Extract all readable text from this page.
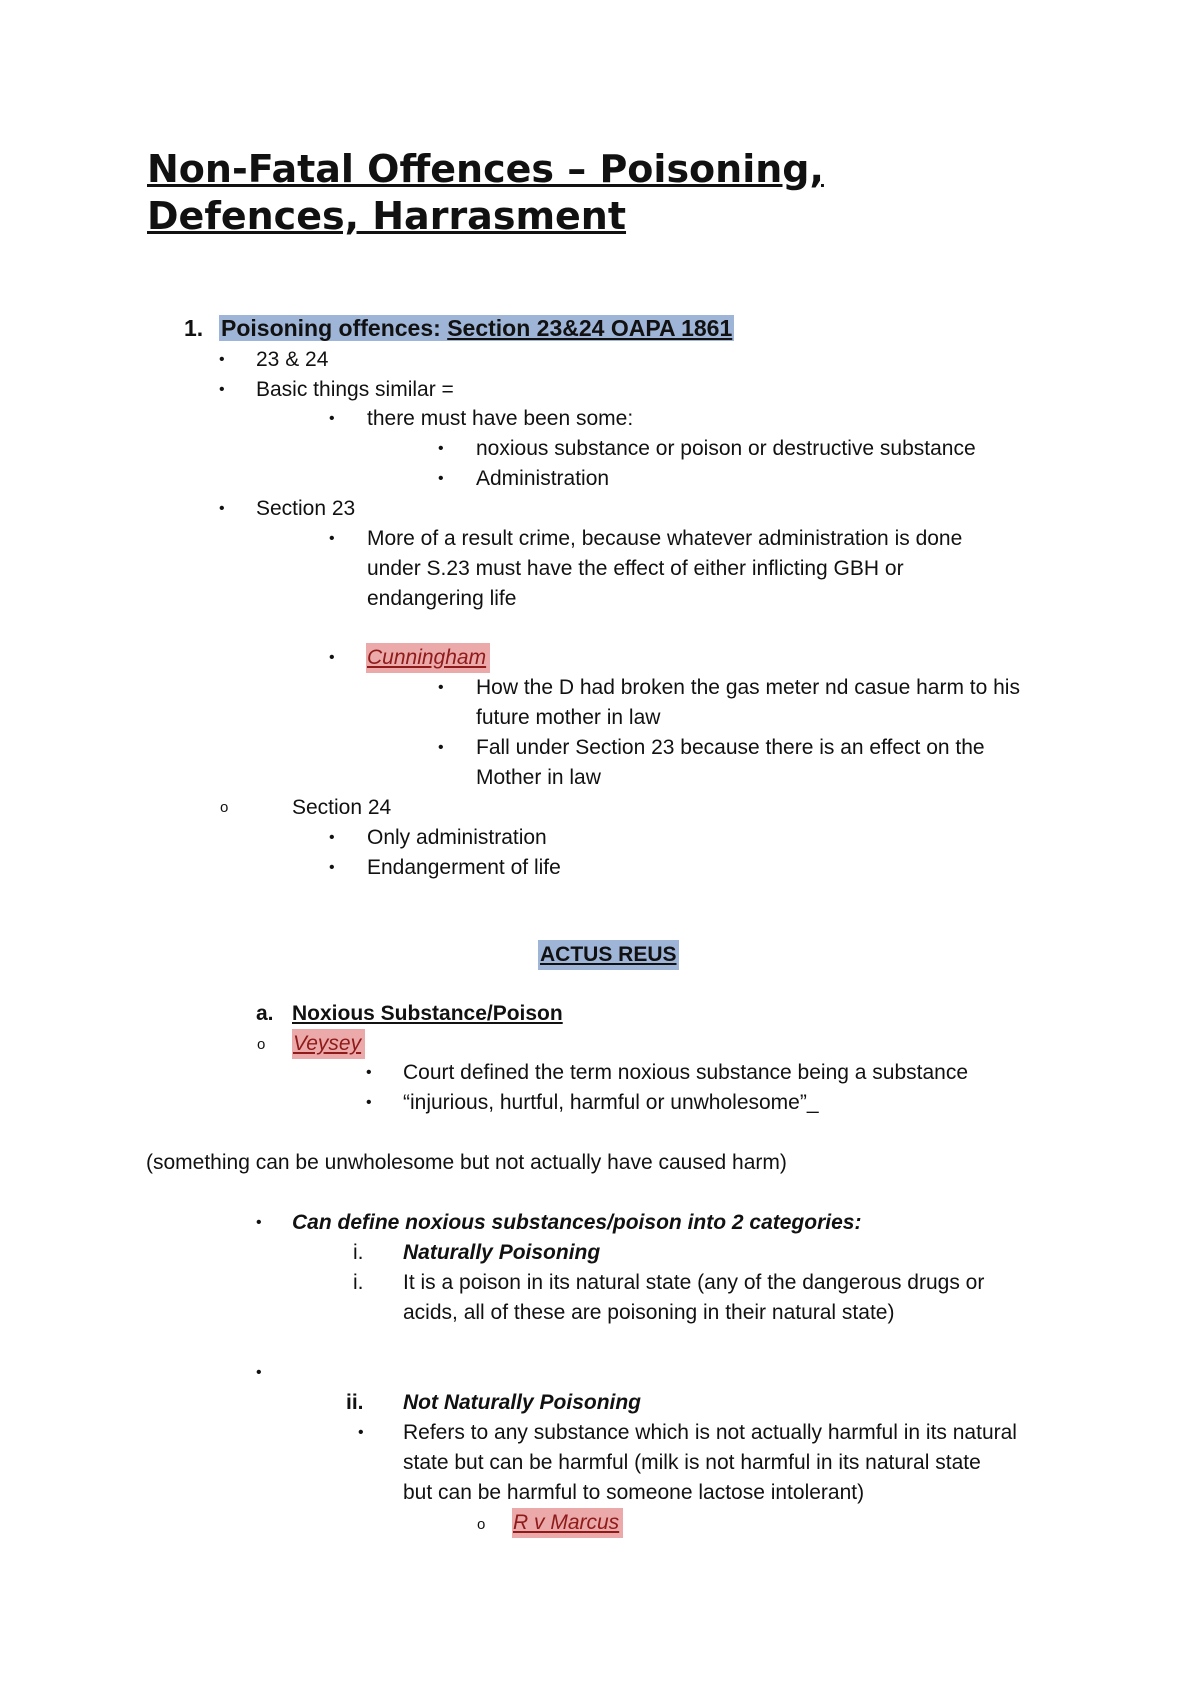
Non-Fatal Offences – Poisoning,
Defences, Harrasment
1. Poisoning offences: Section 23&24 OAPA 1861
• 23 & 24
• Basic things similar =
• there must have been some:
• noxious substance or poison or destructive substance
• Administration
• Section 23
• More of a result crime, because whatever administration is done
under S.23 must have the effect of either inflicting GBH or
endangering life
• Cunningham
• How the D had broken the gas meter nd casue harm to his
future mother in law
• Fall under Section 23 because there is an effect on the
Mother in law
o	Section 24
• Only administration
• Endangerment of life
ACTUS REUS
a. Noxious Substance/Poison
o Veysey
• Court defined the term noxious substance being a substance
• “injurious, hurtful, harmful or unwholesome”_
(something can be unwholesome but not actually have caused harm)
• Can define noxious substances/poison into 2 categories:
i. Naturally Poisoning
i. It is a poison in its natural state (any of the dangerous drugs or
acids, all of these are poisoning in their natural state)
•
ii. Not Naturally Poisoning
• Refers to any substance which is not actually harmful in its natural
state but can be harmful (milk is not harmful in its natural state
but can be harmful to someone lactose intolerant)
o R v Marcus
